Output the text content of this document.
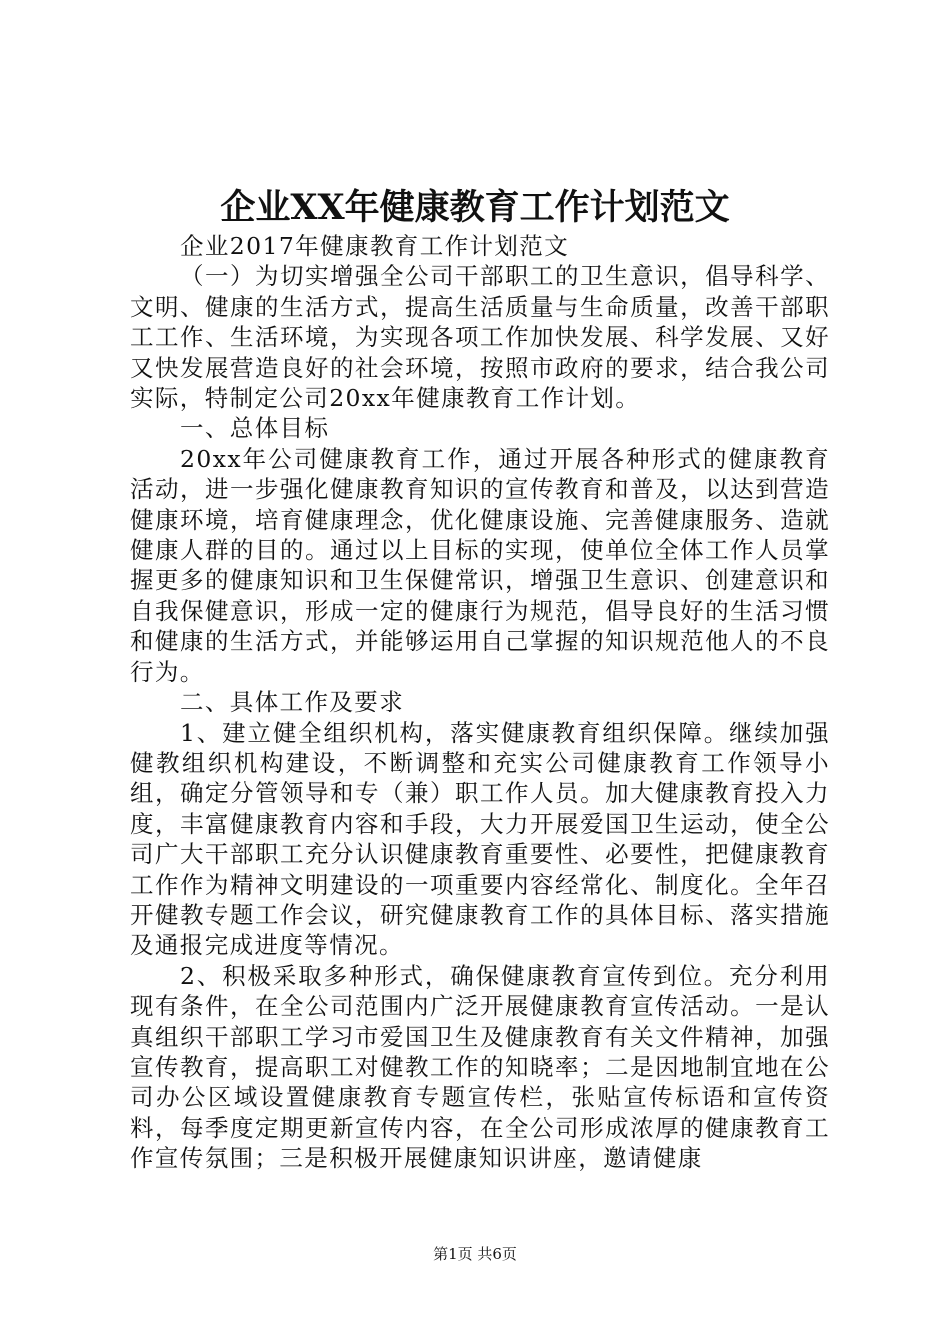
企业XX年健康教育工作计划范文

企业2017年健康教育工作计划范文

（一）为切实增强全公司干部职工的卫生意识，倡导科学、文明、健康的生活方式，提高生活质量与生命质量，改善干部职工工作、生活环境，为实现各项工作加快发展、科学发展、又好又快发展营造良好的社会环境，按照市政府的要求，结合我公司实际，特制定公司20xx年健康教育工作计划。

一、总体目标

20xx年公司健康教育工作，通过开展各种形式的健康教育活动，进一步强化健康教育知识的宣传教育和普及，以达到营造健康环境，培育健康理念，优化健康设施、完善健康服务、造就健康人群的目的。通过以上目标的实现，使单位全体工作人员掌握更多的健康知识和卫生保健常识，增强卫生意识、创建意识和自我保健意识，形成一定的健康行为规范，倡导良好的生活习惯和健康的生活方式，并能够运用自己掌握的知识规范他人的不良行为。

二、具体工作及要求

1、建立健全组织机构，落实健康教育组织保障。继续加强健教组织机构建设，不断调整和充实公司健康教育工作领导小组，确定分管领导和专（兼）职工作人员。加大健康教育投入力度，丰富健康教育内容和手段，大力开展爱国卫生运动，使全公司广大干部职工充分认识健康教育重要性、必要性，把健康教育工作作为精神文明建设的一项重要内容经常化、制度化。全年召开健教专题工作会议，研究健康教育工作的具体目标、落实措施及通报完成进度等情况。

2、积极采取多种形式，确保健康教育宣传到位。充分利用现有条件，在全公司范围内广泛开展健康教育宣传活动。一是认真组织干部职工学习市爱国卫生及健康教育有关文件精神，加强宣传教育，提高职工对健教工作的知晓率；二是因地制宜地在公司办公区域设置健康教育专题宣传栏，张贴宣传标语和宣传资料，每季度定期更新宣传内容，在全公司形成浓厚的健康教育工作宣传氛围；三是积极开展健康知识讲座，邀请健康

第1页 共6页
